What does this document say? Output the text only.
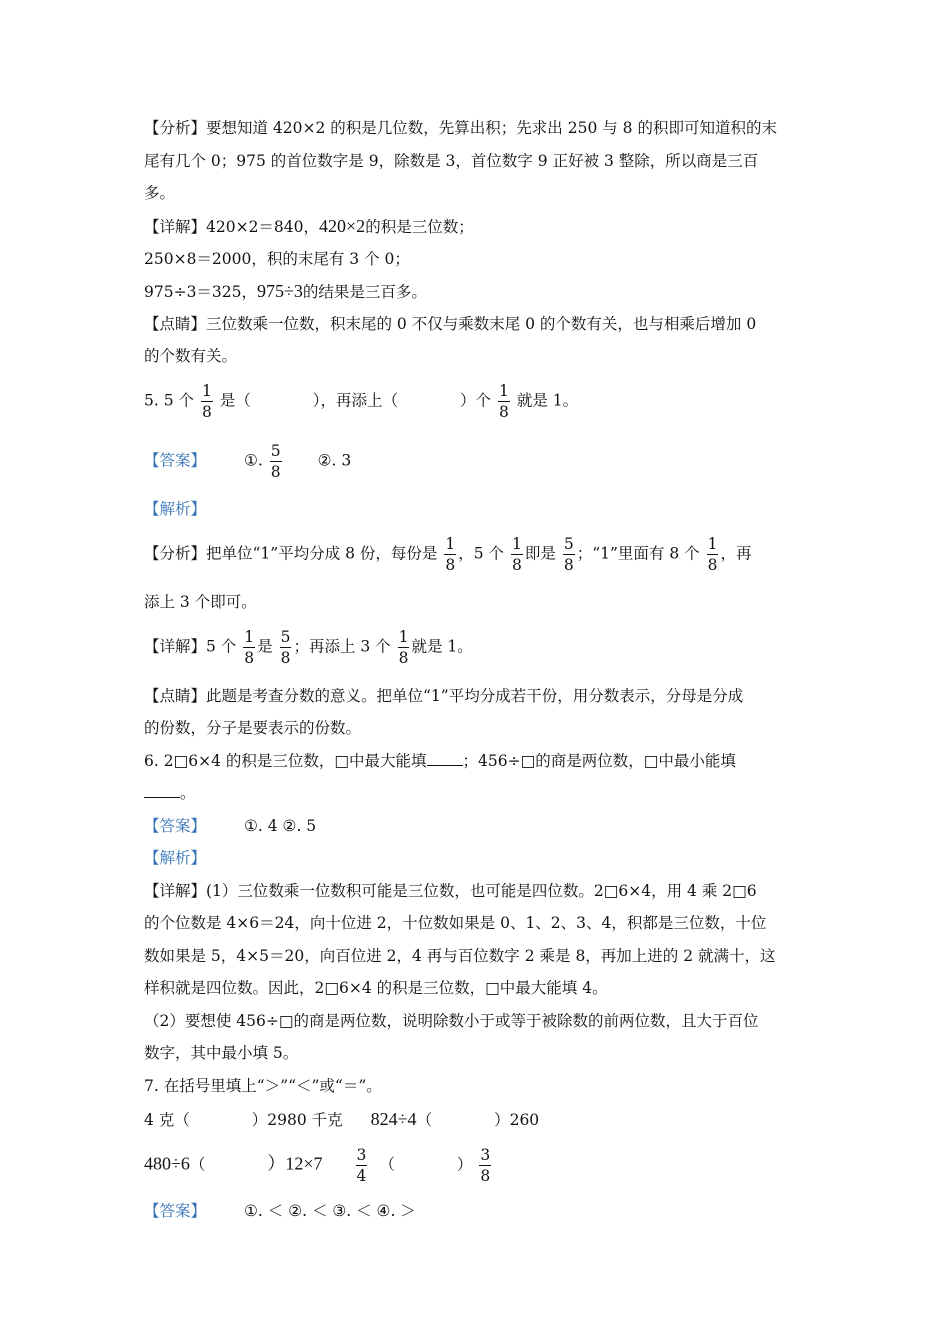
【分析】要想知道 420×2 的积是几位数，先算出积；先求出 250 与 8 的积即可知道积的末
尾有几个 0；975 的首位数字是 9，除数是 3，首位数字 9 正好被 3 整除，所以商是三百
多。
【详解】420×2＝840，420×2的积是三位数；
250×8＝2000，积的末尾有 3 个 0；
975÷3＝325，975÷3的结果是三百多。
【点睛】三位数乘一位数，积末尾的 0 不仅与乘数末尾 0 的个数有关，也与相乘后增加 0
的个数有关。
5. 5 个 $\frac{1}{8}$ 是（	），再添上（	）个 $\frac{1}{8}$ 就是 1。
【答案】 ①. $\frac{5}{8}$ ②. 3
【解析】
【分析】把单位“1”平均分成 8 份，每份是 $\frac{1}{8}$ ，5 个 $\frac{1}{8}$ 即是 $\frac{5}{8}$ ；“1”里面有 8 个 $\frac{1}{8}$ ，再
添上 3 个即可。
【详解】5 个 $\frac{1}{8}$ 是 $\frac{5}{8}$ ；再添上 3 个 $\frac{1}{8}$ 就是 1。
【点睛】此题是考查分数的意义。把单位“1”平均分成若干份，用分数表示，分母是分成
的份数，分子是要表示的份数。
6. 2□6×4 的积是三位数，□中最大能填 ；456÷□的商是两位数，□中最小能填
。
【答案】 ①. 4 ②. 5
【解析】
【详解】(1）三位数乘一位数积可能是三位数，也可能是四位数。2□6×4，用 4 乘 2□6
的个位数是 4×6＝24，向十位进 2，十位数如果是 0、1、2、3、4，积都是三位数，十位
数如果是 5，4×5＝20，向百位进 2，4 再与百位数字 2 乘是 8，再加上进的 2 就满十，这
样积就是四位数。因此，2□6×4 的积是三位数，□中最大能填 4。
（2）要想使 456÷□的商是两位数，说明除数小于或等于被除数的前两位数，且大于百位
数字，其中最小填 5。
7. 在括号里填上“＞”“＜”或“＝”。
4 克（	）2980 千克 824÷4（	）260
480÷6（	）$12\times 7 \frac{3}{4}$ （	） $\frac{3}{8}$
【答案】 ①. ＜ ②. ＜ ③. ＜ ④. ＞
